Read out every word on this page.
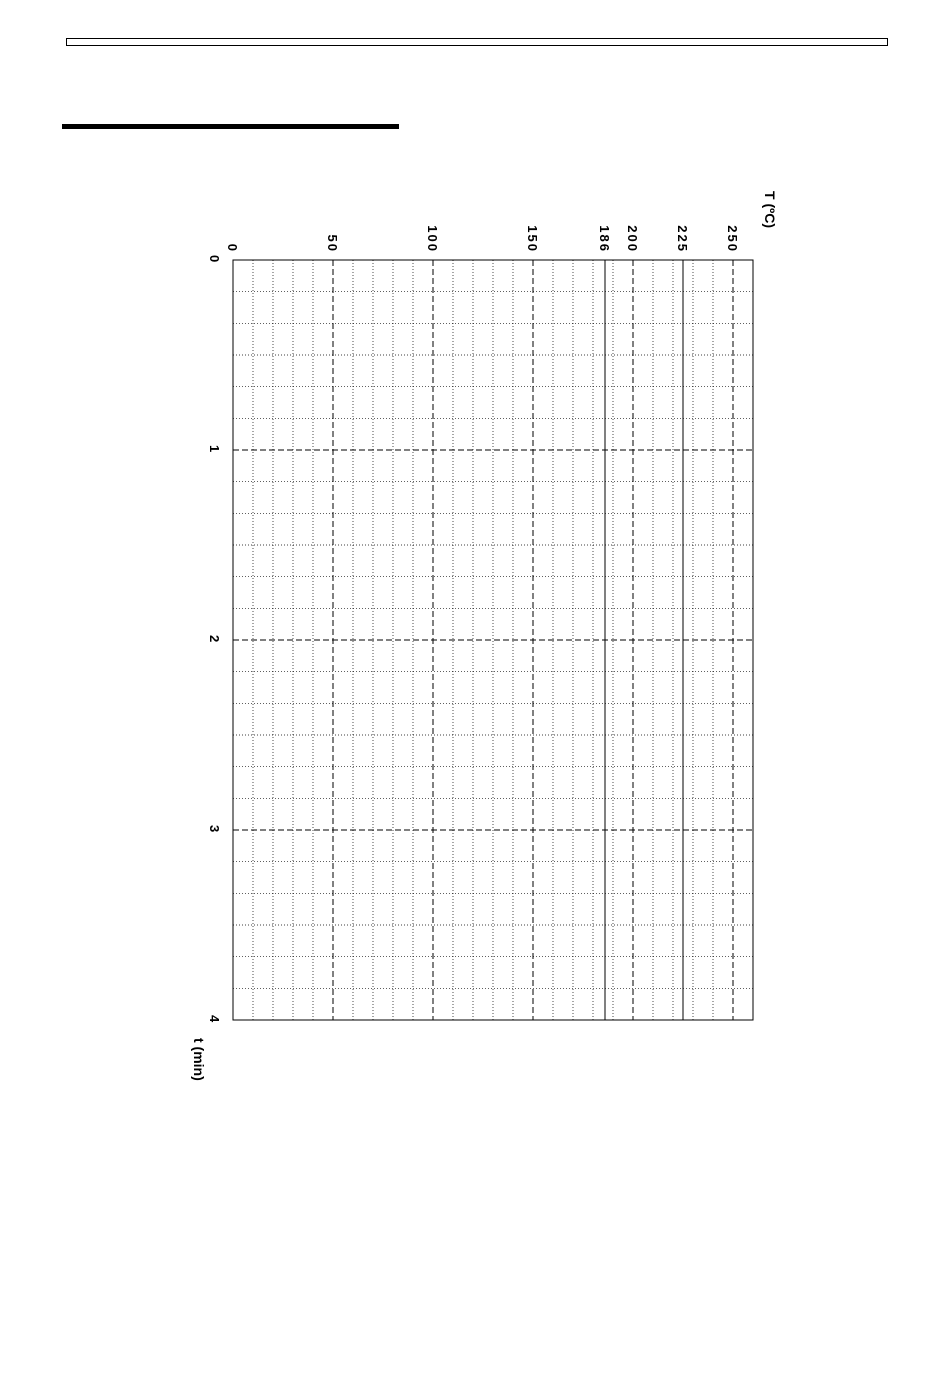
0	50	100	150	186 200	225	250
0
1
2
3
4
T (ºC)
t (min)
